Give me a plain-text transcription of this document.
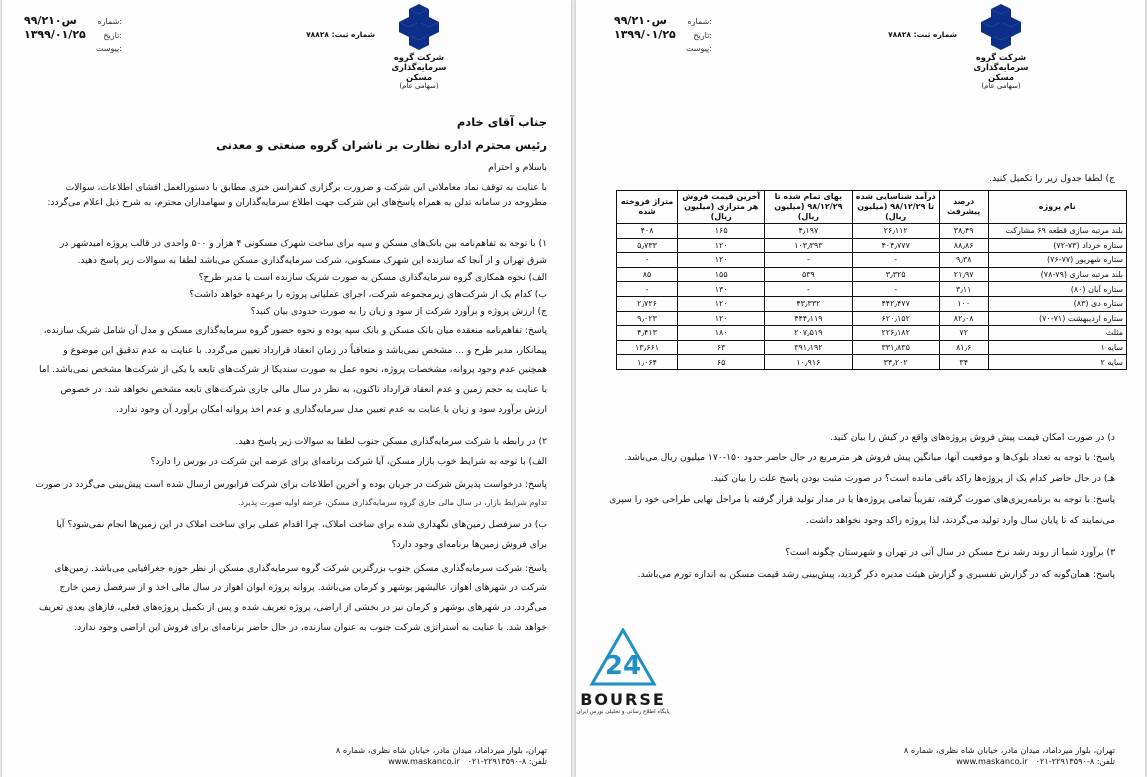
شرکت گروه
سرمایه‌گذاری
مسکن
(سهامی عام)
شماره ثبت: ۷۸۸۲۸
۹۹/۲۱۰س	شماره:
۱۳۹۹/۰۱/۲۵ تاریخ:
پیوست:
جناب آقای خادم
رئیس محترم اداره نظارت بر ناشران گروه صنعتی و معدنی
باسلام و احترام
با عنایت به توقف نماد معاملاتی این شرکت و ضرورت برگزاری کنفرانس خبری مطابق با دستورالعمل افشای اطلاعات، سوالات
مطروحه در سامانه تدلن به همراه پاسخ‌های این شرکت جهت اطلاع سرمایه‌گذاران و سهامداران محترم، به شرح ذیل اعلام می‌گردد:
۱) با توجه به تفاهم‌نامه بین بانک‌های مسکن و سپه برای ساخت شهرک مسکونی ۴ هزار و ۵۰۰ واحدی در قالب پروژه امیدشهر در
شرق تهران و از آنجا که سازنده این شهرک مسکونی، شرکت سرمایه‌گذاری مسکن می‌باشد لطفا به سوالات زیر پاسخ دهید.
الف) نحوه همکاری گروه سرمایه‌گذاری مسکن به صورت شریک سازنده است یا مدیر طرح؟
ب) کدام یک از شرکت‌های زیرمجموعه شرکت، اجرای عملیاتی پروژه را برعهده خواهد داشت؟
ج) ارزش پروژه و برآورد شرکت از سود و زیان را به صورت حدودی بیان کنید؟
پاسخ: تفاهم‌نامه منعقده میان بانک مسکن و بانک سپه بوده و نحوه حضور گروه سرمایه‌گذاری مسکن و مدل آن شامل شریک سازنده،
پیمانکار، مدیر طرح و ... مشخص نمی‌باشد و متعاقباً در زمان انعقاد قرارداد تعیین می‌گردد. با عنایت به عدم تدقیق این موضوع و
همچنین عدم وجود پروانه، مشخصات پروژه، نحوه عمل به صورت سندیکا از شرکت‌های تابعه یا یکی از شرکت‌ها مشخص نمی‌باشد. اما
با عنایت به حجم زمین و عدم انعقاد قرارداد تاکنون، به نظر در سال مالی جاری شرکت‌های تابعه مشخص نخواهد شد. در خصوص
ارزش برآورد سود و زیان با عنایت به عدم تعیین مدل سرمایه‌گذاری و عدم اخذ پروانه امکان برآورد آن وجود ندارد.
۲) در رابطه با شرکت سرمایه‌گذاری مسکن جنوب لطفا به سوالات زیر پاسخ دهید.
الف) با توجه به شرایط خوب بازار مسکن، آیا شرکت برنامه‌ای برای عرضه این شرکت در بورس را دارد؟
پاسخ: درخواست پذیرش شرکت در جریان بوده و آخرین اطلاعات برای شرکت فرابورس ارسال شده است پیش‌بینی می‌گردد در صورت
تداوم شرایط بازار، در سال مالی جاری گروه سرمایه‌گذاری مسکن، عرضه اولیه صورت پذیرد.
ب) در سرفصل زمین‌های نگهداری شده برای ساخت املاک، چرا اقدام عملی برای ساخت املاک در این زمین‌ها انجام نمی‌شود؟ آیا
برای فروش زمین‌ها برنامه‌ای وجود دارد؟
پاسخ: شرکت سرمایه‌گذاری مسکن جنوب بزرگترین شرکت گروه سرمایه‌گذاری مسکن از نظر حوزه جغرافیایی می‌باشد. زمین‌های
شرکت در شهرهای اهواز، عالیشهر بوشهر و کرمان می‌باشد. پروانه پروژه ایوان اهواز در سال مالی اخذ و از سرفصل زمین خارج
می‌گردد. در شهرهای بوشهر و کرمان نیز در بخشی از اراضی، پروژه تعریف شده و پس از تکمیل پروژه‌های فعلی، فازهای بعدی تعریف
خواهد شد. با عنایت به استراتژی شرکت جنوب به عنوان سازنده، در حال حاضر برنامه‌ای برای فروش این اراضی وجود ندارد.
تهران، بلوار میرداماد، میدان مادر، خیابان شاه نظری، شماره ۸
تلفن: ۸-۲۲۹۱۳۵۹۰-۰۲۱   www.maskanco.ir
شرکت گروه
سرمایه‌گذاری
مسکن
(سهامی عام)
شماره ثبت: ۷۸۸۲۸
۹۹/۲۱۰س	شماره:
۱۳۹۹/۰۱/۲۵ تاریخ:
پیوست:
ج) لطفا جدول زیر را تکمیل کنید.
نام پروژه	درصد پیشرفت	درآمد شناسایی شده تا ۹۸/۱۲/۲۹ (میلیون ریال)	بهای تمام شده تا ۹۸/۱۲/۲۹ (میلیون ریال)	آخرین قیمت فروش هر مترازی (میلیون ریال)	متراژ فروخته شده
بلند مرتبه سازی قطعه ۶۹ مشارکت	۳۸٫۴۹	۲۶٫۱۱۲	۴٫۱۹۷	۱۶۵	۴۰۸
ستاره خرداد (۷۳-۷۲)	۸۸٫۸۶	۴۰۴٫۷۷۷	۱۰۳٫۳۹۳	۱۲۰	۵٫۷۳۳
ستاره شهریور (۷۷-۷۶)	۹٫۳۸	-	-	۱۲۰	-
بلند مرتبه سازی (۷۹-۷۸)	۲۱٫۹۷	۳٫۳۲۵	۵۳۹	۱۵۵	۸۵
ستاره آبان (۸۰)	۳٫۱۱	-	-	۱۳۰	-
ستاره دی (۸۳)	۱۰۰	۴۴۲٫۴۷۷	۴۳٫۳۳۲	۱۲۰	۲٫۷۲۶
ستاره اردیبهشت (۷۱-۷۰)	۸۲٫۰۸	۶۲۰٫۱۵۲	۴۴۴٫۱۱۹	۱۲۰	۹٫۰۲۳
مثلث	۷۲	۲۲۶٫۱۸۲	۲۰۷٫۵۱۹	۱۸۰	۴٫۴۱۳
سایه ۱	۸۱٫۶	۳۳۱٫۸۳۵	۳۹۱٫۱۹۲	۶۳	۱۳٫۶۶۱
سایه ۲	۳۴	۳۴٫۲۰۲	۱۰٫۹۱۶	۶۵	۱٫۰۶۴
د) در صورت امکان قیمت پیش فروش پروژه‌های واقع در کیش را بیان کنید.
پاسخ: با توجه به تعداد بلوک‌ها و موقعیت آنها، میانگین پیش فروش هر مترمربع در حال حاضر حدود ۱۵۰-۱۷۰ میلیون ریال می‌باشد.
هـ) در حال حاضر کدام یک از پروژه‌ها راکد باقی مانده است؟ در صورت مثبت بودن پاسخ علت را بیان کنید.
پاسخ: با توجه به برنامه‌ریزی‌های صورت گرفته، تقریباً تمامی پروژه‌ها یا در مدار تولید قرار گرفته یا مراحل نهایی طراحی خود را سپری
می‌نمایند که تا پایان سال وارد تولید می‌گردند، لذا پروژه راکد وجود نخواهد داشت.
۳) برآورد شما از روند رشد نرخ مسکن در سال آتی در تهران و شهرستان چگونه است؟
پاسخ: همان‌گونه که در گزارش تفسیری و گزارش هیئت مدیره ذکر گردید، پیش‌بینی رشد قیمت مسکن به اندازه تورم می‌باشد.
24
BOURSE
پایگاه اطلاع رسانی و تحلیلی بورس ایران
تهران، بلوار میرداماد، میدان مادر، خیابان شاه نظری، شماره ۸
تلفن: ۸-۲۲۹۱۳۵۹۰-۰۲۱   www.maskanco.ir
